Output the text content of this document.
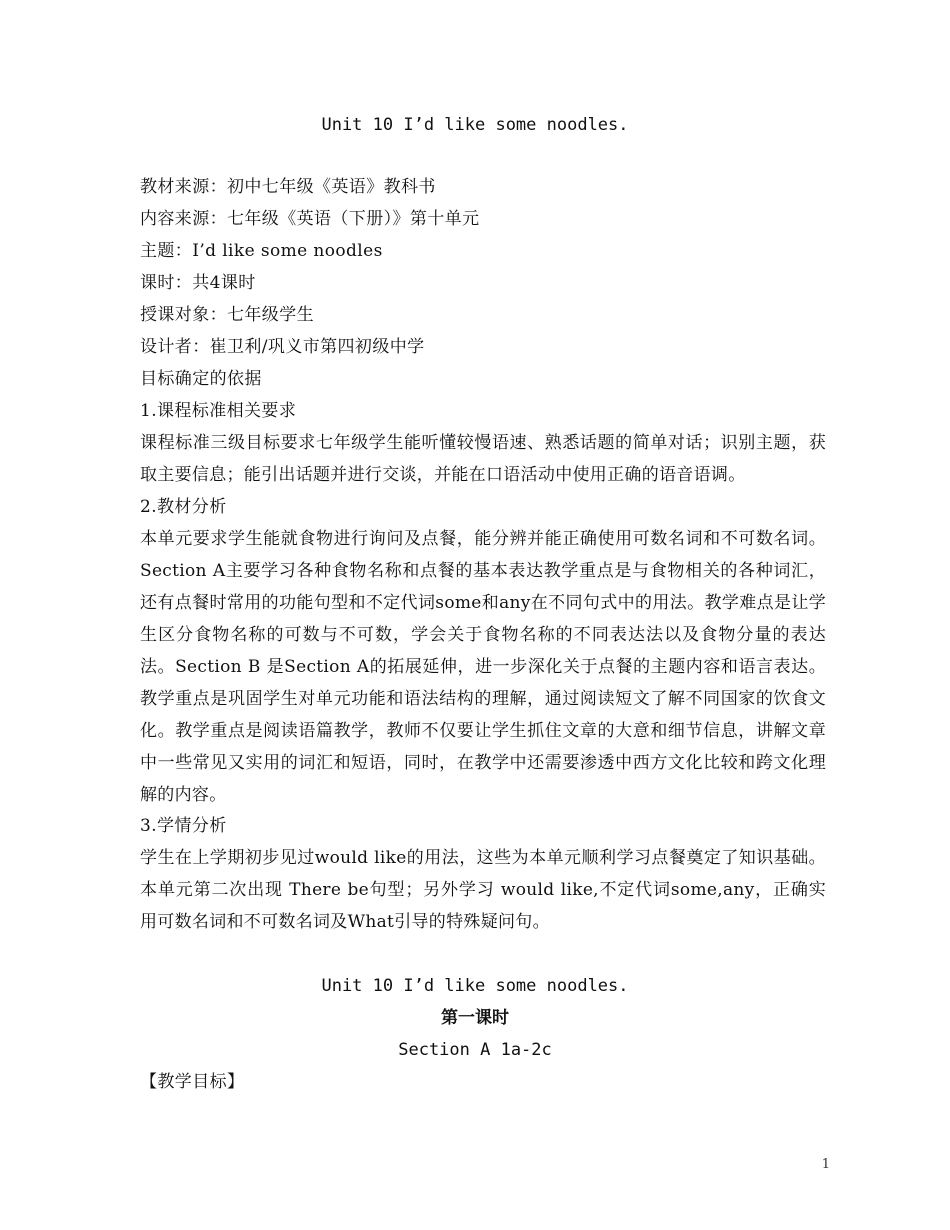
Unit 10 I’d like some noodles.
教材来源：初中七年级《英语》教科书
内容来源：七年级《英语（下册）》第十单元
主题：I’d like some noodles
课时：共4课时
授课对象：七年级学生
设计者：崔卫利/巩义市第四初级中学
目标确定的依据
1.课程标准相关要求
课程标准三级目标要求七年级学生能听懂较慢语速、熟悉话题的简单对话；识别主题，获取主要信息；能引出话题并进行交谈，并能在口语活动中使用正确的语音语调。
2.教材分析
本单元要求学生能就食物进行询问及点餐，能分辨并能正确使用可数名词和不可数名词。Section A主要学习各种食物名称和点餐的基本表达教学重点是与食物相关的各种词汇，还有点餐时常用的功能句型和不定代词some和any在不同句式中的用法。教学难点是让学生区分食物名称的可数与不可数，学会关于食物名称的不同表达法以及食物分量的表达法。Section B 是Section A的拓展延伸，进一步深化关于点餐的主题内容和语言表达。教学重点是巩固学生对单元功能和语法结构的理解，通过阅读短文了解不同国家的饮食文化。教学重点是阅读语篇教学，教师不仅要让学生抓住文章的大意和细节信息，讲解文章中一些常见又实用的词汇和短语，同时，在教学中还需要渗透中西方文化比较和跨文化理解的内容。
3.学情分析
学生在上学期初步见过would like的用法，这些为本单元顺利学习点餐奠定了知识基础。本单元第二次出现 There be句型；另外学习 would like,不定代词some,any，正确实用可数名词和不可数名词及What引导的特殊疑问句。
Unit 10 I’d like some noodles.
第一课时
Section A 1a-2c
【教学目标】
1
